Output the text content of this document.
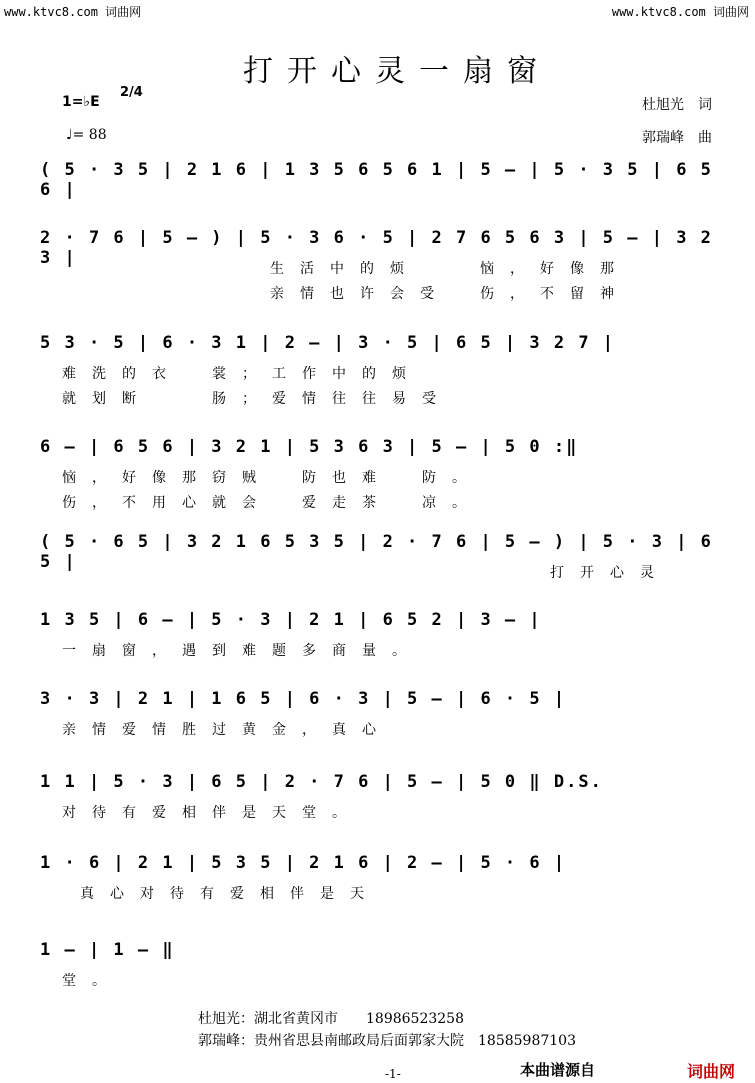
www.ktvc8.com 词曲网	www.ktvc8.com 词曲网
打开心灵一扇窗
1=♭E
2/4
♩= 88
杜旭光　词
郭瑞峰　曲
( 5 · 3 5 | 2 1 6 | 1 3 5 6 5 6 1 | 5 – | 5 · 3 5 | 6 5 6 |
2 · 7 6 | 5 – ) | 5 · 3 6 · 5 | 2 7 6 5 6 3 | 5 – | 3 2 3 |
生活中的烦　　恼，好像那
亲情也许会受　伤，不留神
5 3 · 5 | 6 · 3 1 | 2 – | 3 · 5 | 6 5 | 3 2 7 |
难洗的衣　裳；工作中的烦
就划断　　肠；爱情往往易受
6 – | 6 5 6 | 3 2 1 | 5 3 6 3 | 5 – | 5 0 :‖
恼，好像那窃贼　防也难　防。
伤，不用心就会　爱走茶　凉。
( 5 · 6 5 | 3 2 1 6 5 3 5 | 2 · 7 6 | 5 – ) | 5 · 3 | 6 5 |
打开心灵
1 3 5 | 6 – | 5 · 3 | 2 1 | 6 5 2 | 3 – |
一扇窗，遇到难题多商量。
3 · 3 | 2 1 | 1 6 5 | 6 · 3 | 5 – | 6 · 5 |
亲情爱情胜过黄金，真心
1 1 | 5 · 3 | 6 5 | 2 · 7 6 | 5 – | 5 0 ‖ D.S.
对待有爱相伴是天堂。
1 · 6 | 2 1 | 5 3 5 | 2 1 6 | 2 – | 5 · 6 |
真心对待有爱相伴是天
1 – | 1 – ‖
堂。
杜旭光：湖北省黄冈市　　18986523258
郭瑞峰：贵州省思县南邮政局后面郭家大院　18585987103
本曲谱源自	词曲网
-1-
